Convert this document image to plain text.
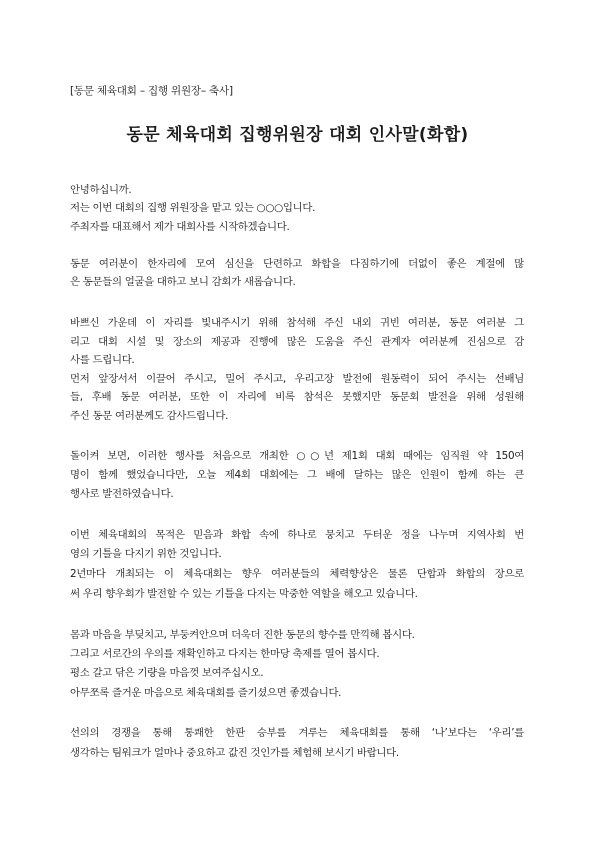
[동문 체육대회 – 집행 위원장– 축사]
동문 체육대회 집행위원장 대회 인사말(화합)
안녕하십니까.
저는 이번 대회의 집행 위원장을 맡고 있는 ○○○입니다.
주최자를 대표해서 제가 대회사를 시작하겠습니다.
동문 여러분이 한자리에 모여 심신을 단련하고 화합을 다짐하기에 더없이 좋은 계절에 많
은 동문들의 얼굴을 대하고 보니 감회가 새롭습니다.
바쁘신 가운데 이 자리를 빛내주시기 위해 참석해 주신 내외 귀빈 여러분, 동문 여러분 그
리고 대회 시설 및 장소의 제공과 진행에 많은 도움을 주신 관계자 여러분께 진심으로 감
사를 드립니다.
먼저 앞장서서 이끌어 주시고, 밀어 주시고, 우리고장 발전에 원동력이 되어 주시는 선배님
들, 후배 동문 여러분, 또한 이 자리에 비록 참석은 못했지만 동문회 발전을 위해 성원해
주신 동문 여러분께도 감사드립니다.
돌이켜 보면, 이러한 행사를 처음으로 개최한 ○○년 제1회 대회 때에는 임직원 약 150여
명이 함께 했었습니다만, 오늘 제4회 대회에는 그 배에 달하는 많은 인원이 함께 하는 큰
행사로 발전하였습니다.
이번 체육대회의 목적은 믿음과 화합 속에 하나로 뭉치고 두터운 정을 나누며 지역사회 번
영의 기틀을 다지기 위한 것입니다.
2년마다 개최되는 이 체육대회는 향우 여러분들의 체력향상은 물론 단합과 화합의 장으로
써 우리 향우회가 발전할 수 있는 기틀을 다지는 막중한 역할을 해오고 있습니다.
몸과 마음을 부딪치고, 부둥켜안으며 더욱더 진한 동문의 향수를 만끽해 봅시다.
그리고 서로간의 우의를 재확인하고 다지는 한마당 축제를 열어 봅시다.
평소 갈고 닦은 기량을 마음껏 보여주십시오.
아무쪼록 즐거운 마음으로 체육대회를 즐기셨으면 좋겠습니다.
선의의 경쟁을 통해 통쾌한 한판 승부를 겨루는 체육대회를 통해 ‘나’보다는 ‘우리’를
생각하는 팀워크가 얼마나 중요하고 값진 것인가를 체험해 보시기 바랍니다.
